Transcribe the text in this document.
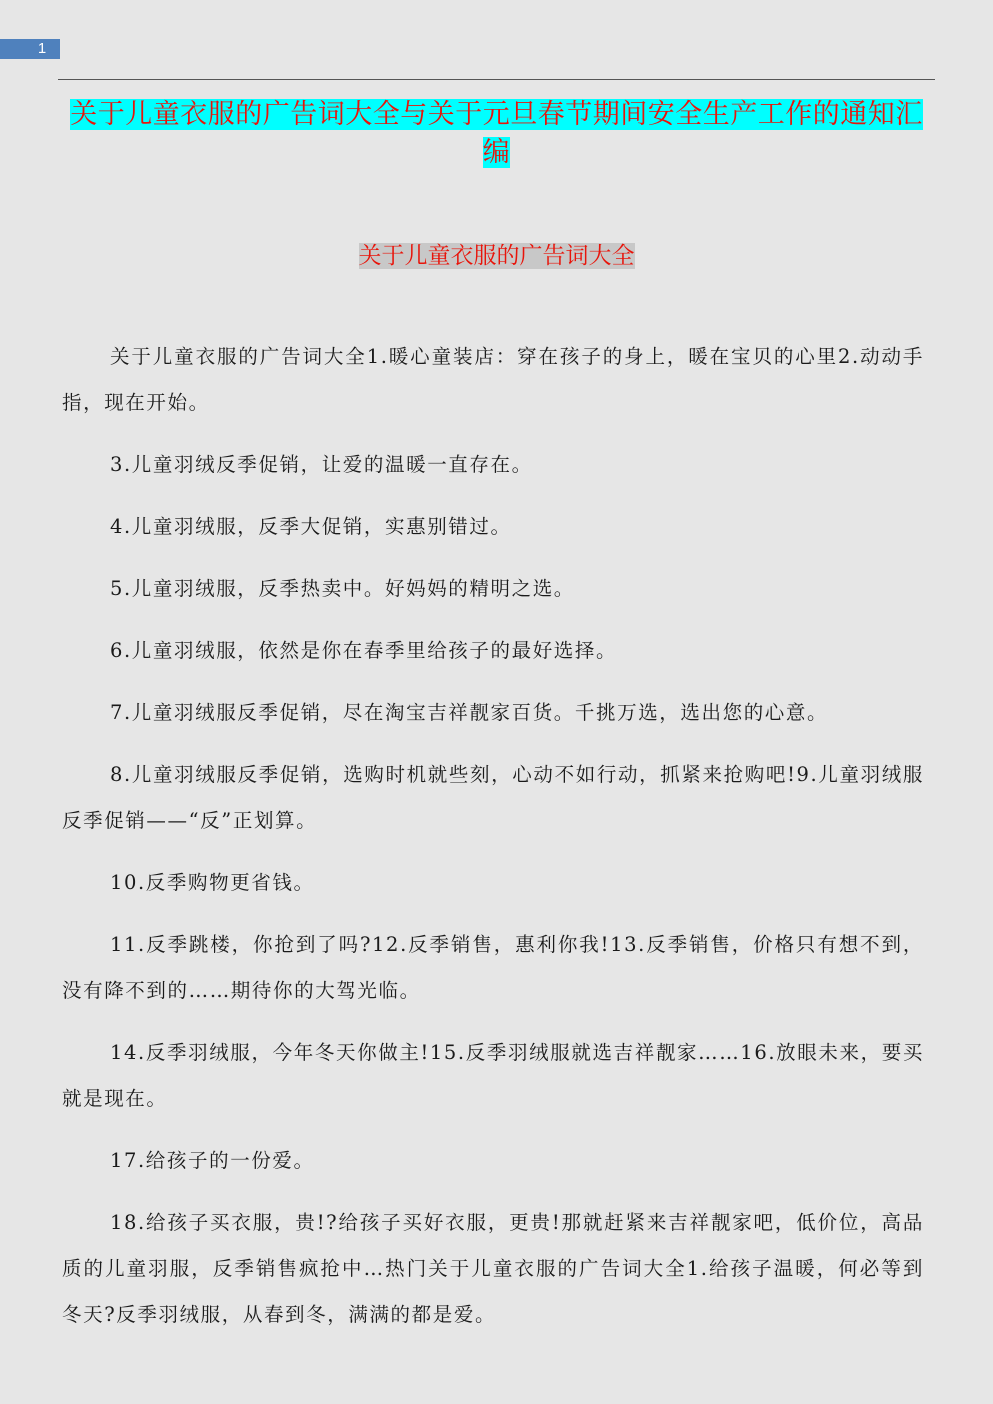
1
关于儿童衣服的广告词大全与关于元旦春节期间安全生产工作的通知汇编
关于儿童衣服的广告词大全

关于儿童衣服的广告词大全1.暖心童装店：穿在孩子的身上，暖在宝贝的心里2.动动手指，现在开始。

3.儿童羽绒反季促销，让爱的温暖一直存在。

4.儿童羽绒服，反季大促销，实惠别错过。

5.儿童羽绒服，反季热卖中。好妈妈的精明之选。

6.儿童羽绒服，依然是你在春季里给孩子的最好选择。

7.儿童羽绒服反季促销，尽在淘宝吉祥靓家百货。千挑万选，选出您的心意。

8.儿童羽绒服反季促销，选购时机就些刻，心动不如行动，抓紧来抢购吧!9.儿童羽绒服反季促销——“反”正划算。

10.反季购物更省钱。

11.反季跳楼，你抢到了吗?12.反季销售，惠利你我!13.反季销售，价格只有想不到，没有降不到的……期待你的大驾光临。

14.反季羽绒服，今年冬天你做主!15.反季羽绒服就选吉祥靓家……16.放眼未来，要买就是现在。

17.给孩子的一份爱。

18.给孩子买衣服，贵!?给孩子买好衣服，更贵!那就赶紧来吉祥靓家吧，低价位，高品质的儿童羽服，反季销售疯抢中…热门关于儿童衣服的广告词大全1.给孩子温暖，何必等到冬天?反季羽绒服，从春到冬，满满的都是爱。
